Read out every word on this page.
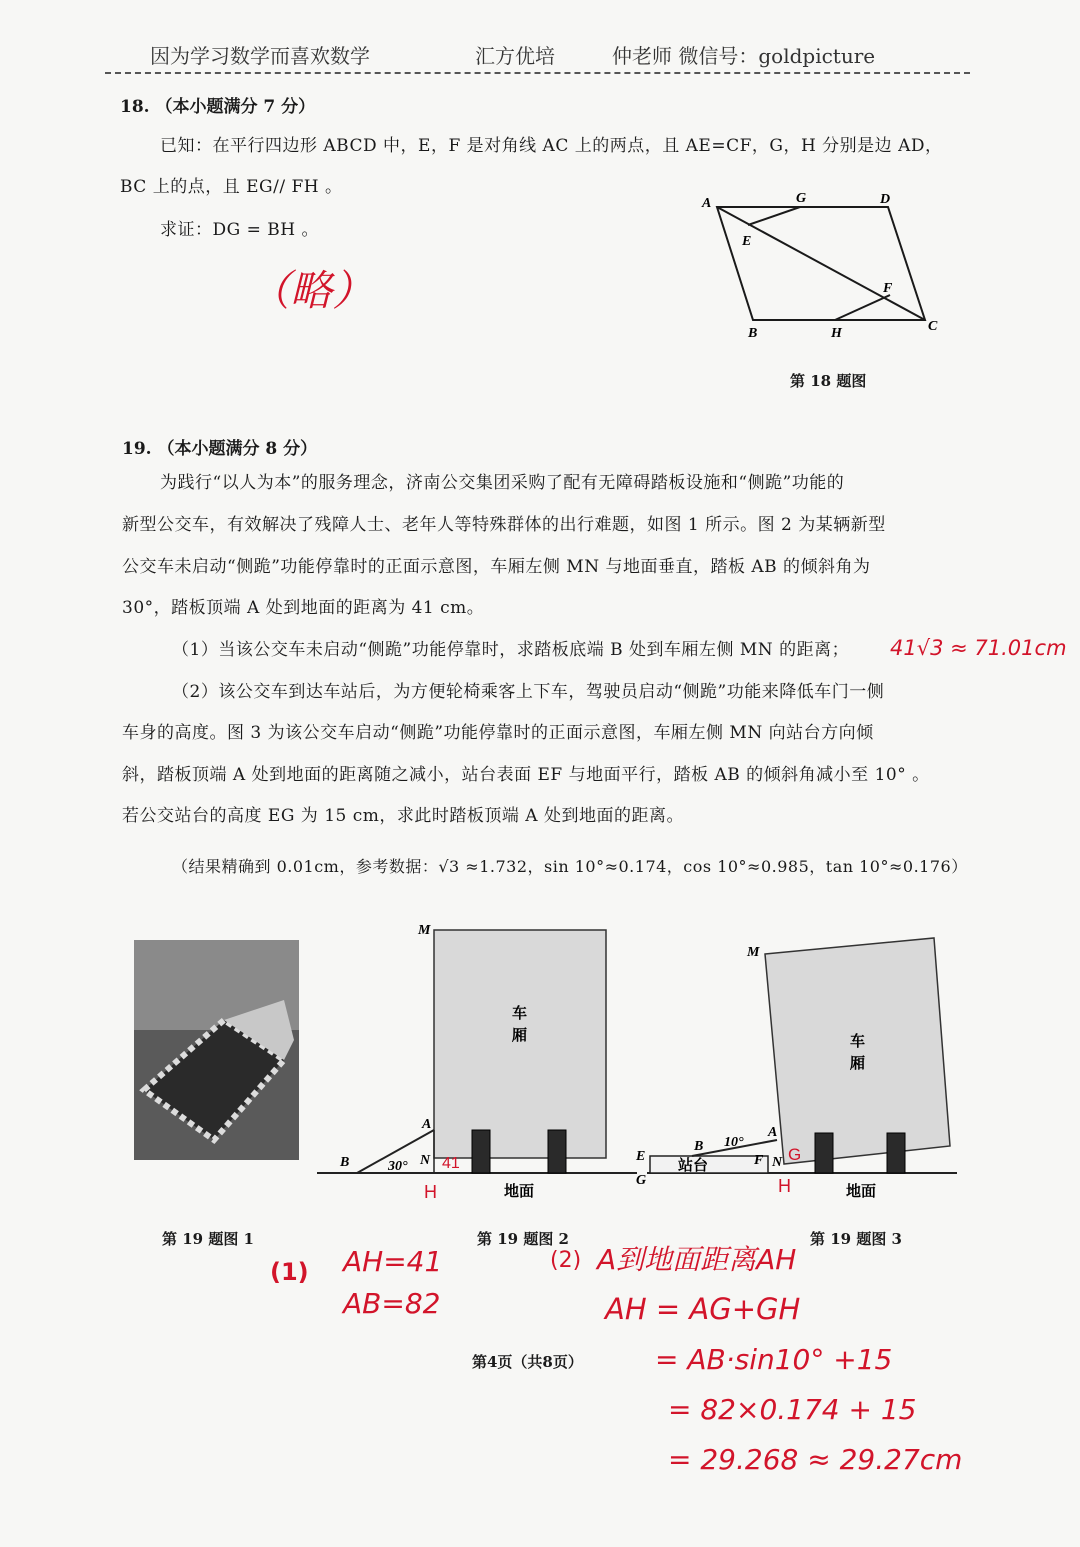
因为学习数学而喜欢数学	汇方优培	仲老师 微信号：goldpicture
18. （本小题满分 7 分）
已知：在平行四边形 ABCD 中，E，F 是对角线 AC 上的两点，且 AE=CF，G，H 分别是边 AD，
BC 上的点，且 EG// FH 。
求证：DG = BH 。
（略）
A	G	D
E
F
B	H	C
第 18 题图
19. （本小题满分 8 分）
为践行“以人为本”的服务理念，济南公交集团采购了配有无障碍踏板设施和“侧跪”功能的
新型公交车，有效解决了残障人士、老年人等特殊群体的出行难题，如图 1 所示。图 2 为某辆新型
公交车未启动“侧跪”功能停靠时的正面示意图，车厢左侧 MN 与地面垂直，踏板 AB 的倾斜角为
30°，踏板顶端 A 处到地面的距离为 41 cm。
（1）当该公交车未启动“侧跪”功能停靠时，求踏板底端 B 处到车厢左侧 MN 的距离； 41√3 ≈ 71.01cm
（2）该公交车到达车站后，为方便轮椅乘客上下车，驾驶员启动“侧跪”功能来降低车门一侧
车身的高度。图 3 为该公交车启动“侧跪”功能停靠时的正面示意图，车厢左侧 MN 向站台方向倾
斜，踏板顶端 A 处到地面的距离随之减小，站台表面 EF 与地面平行，踏板 AB 的倾斜角减小至 10° 。
若公交站台的高度 EG 为 15 cm，求此时踏板顶端 A 处到地面的距离。
（结果精确到 0.01cm，参考数据：√3 ≈1.732，sin 10°≈0.174，cos 10°≈0.985，tan 10°≈0.176）
第 19 题图 1
M
A
N
B	30°
车
厢
地面
41
H
第 19 题图 2
M
A
B
E
G
F N
10°
站台
车
厢
地面
G
H
第 19 题图 3
(1) AH=41
AB=82
(2) A到地面距离AH
AH = AG+GH
= AB·sin10° +15
= 82×0.174 + 15
= 29.268 ≈ 29.27cm
第4页（共8页）
